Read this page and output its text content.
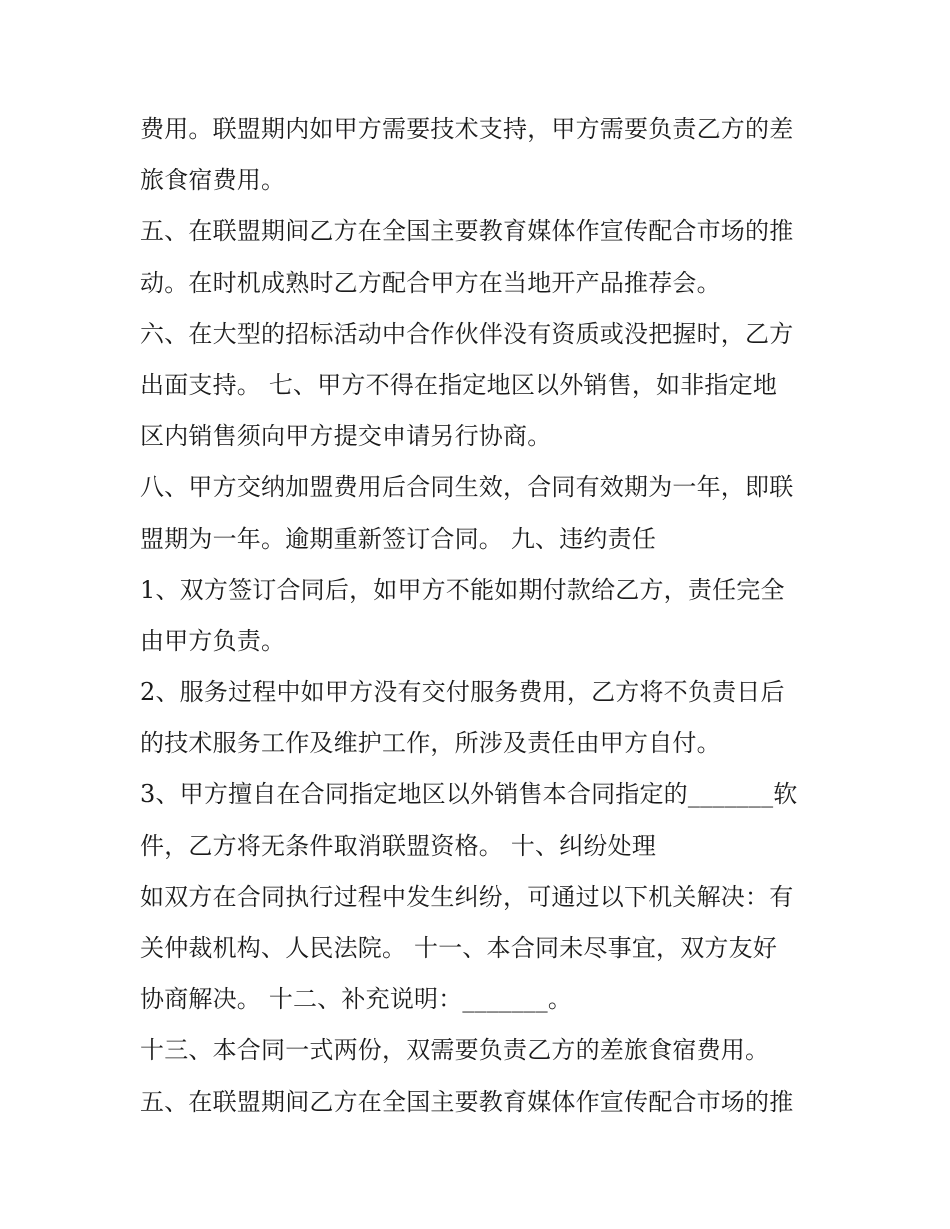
费用。联盟期内如甲方需要技术支持，甲方需要负责乙方的差
旅食宿费用。
五、在联盟期间乙方在全国主要教育媒体作宣传配合市场的推
动。在时机成熟时乙方配合甲方在当地开产品推荐会。
六、在大型的招标活动中合作伙伴没有资质或没把握时，乙方
出面支持。 七、甲方不得在指定地区以外销售，如非指定地
区内销售须向甲方提交申请另行协商。
八、甲方交纳加盟费用后合同生效，合同有效期为一年，即联
盟期为一年。逾期重新签订合同。 九、违约责任
1、双方签订合同后，如甲方不能如期付款给乙方，责任完全
由甲方负责。
2、服务过程中如甲方没有交付服务费用，乙方将不负责日后
的技术服务工作及维护工作，所涉及责任由甲方自付。
3、甲方擅自在合同指定地区以外销售本合同指定的_______软
件，乙方将无条件取消联盟资格。 十、纠纷处理
如双方在合同执行过程中发生纠纷，可通过以下机关解决：有
关仲裁机构、人民法院。 十一、本合同未尽事宜，双方友好
协商解决。 十二、补充说明：_______。
十三、本合同一式两份，双需要负责乙方的差旅食宿费用。
五、在联盟期间乙方在全国主要教育媒体作宣传配合市场的推
